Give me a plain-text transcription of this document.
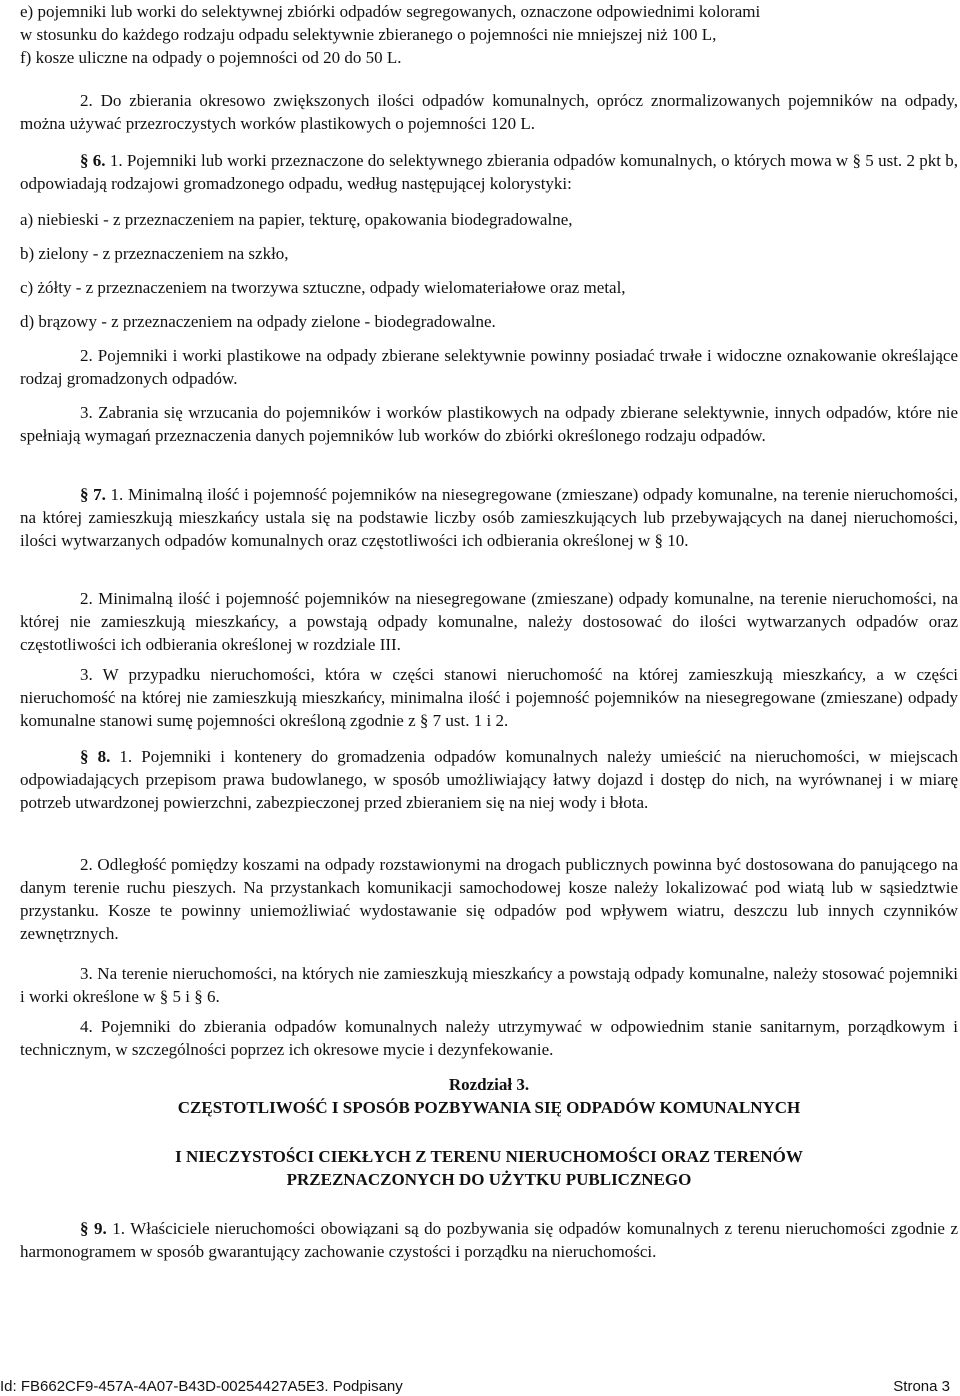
e) pojemniki lub worki do selektywnej zbiórki odpadów segregowanych, oznaczone odpowiednimi kolorami

w stosunku do każdego rodzaju odpadu selektywnie zbieranego o pojemności nie mniejszej niż 100 L,

f) kosze uliczne na odpady o pojemności od 20 do 50 L.

2. Do zbierania okresowo zwiększonych ilości odpadów komunalnych, oprócz znormalizowanych pojemników na odpady, można używać przezroczystych worków plastikowych o pojemności 120 L.

§ 6. 1. Pojemniki lub worki przeznaczone do selektywnego zbierania odpadów komunalnych, o których mowa w § 5 ust. 2 pkt b, odpowiadają rodzajowi gromadzonego odpadu, według następującej kolorystyki:

a) niebieski - z przeznaczeniem na papier, tekturę, opakowania biodegradowalne,

b) zielony - z przeznaczeniem na szkło,

c) żółty - z przeznaczeniem na tworzywa sztuczne, odpady wielomateriałowe oraz metal,

d) brązowy - z przeznaczeniem na odpady zielone - biodegradowalne.

2. Pojemniki i worki plastikowe na odpady zbierane selektywnie powinny posiadać trwałe i widoczne oznakowanie określające rodzaj gromadzonych odpadów.

3. Zabrania się wrzucania do pojemników i worków plastikowych na odpady zbierane selektywnie, innych odpadów, które nie spełniają wymagań przeznaczenia danych pojemników lub worków do zbiórki określonego rodzaju odpadów.

§ 7. 1. Minimalną ilość i pojemność pojemników na niesegregowane (zmieszane) odpady komunalne, na terenie nieruchomości, na której zamieszkują mieszkańcy ustala się na podstawie liczby osób zamieszkujących lub przebywających na danej nieruchomości, ilości wytwarzanych odpadów komunalnych oraz częstotliwości ich odbierania określonej w § 10.

2. Minimalną ilość i pojemność pojemników na niesegregowane (zmieszane) odpady komunalne, na terenie nieruchomości, na której nie zamieszkują mieszkańcy, a powstają odpady komunalne, należy dostosować do ilości wytwarzanych odpadów oraz częstotliwości ich odbierania określonej w rozdziale III.

3. W przypadku nieruchomości, która w części stanowi nieruchomość na której zamieszkują mieszkańcy, a w części nieruchomość na której nie zamieszkują mieszkańcy, minimalna ilość i pojemność pojemników na niesegregowane (zmieszane) odpady komunalne stanowi sumę pojemności określoną zgodnie z § 7 ust. 1 i 2.

§ 8. 1. Pojemniki i kontenery do gromadzenia odpadów komunalnych należy umieścić na nieruchomości, w miejscach odpowiadających przepisom prawa budowlanego, w sposób umożliwiający łatwy dojazd i dostęp do nich, na wyrównanej i w miarę potrzeb utwardzonej powierzchni, zabezpieczonej przed zbieraniem się na niej wody i błota.

2. Odległość pomiędzy koszami na odpady rozstawionymi na drogach publicznych powinna być dostosowana do panującego na danym terenie ruchu pieszych. Na przystankach komunikacji samochodowej kosze należy lokalizować pod wiatą lub w sąsiedztwie przystanku. Kosze te powinny uniemożliwiać wydostawanie się odpadów pod wpływem wiatru, deszczu lub innych czynników zewnętrznych.

3. Na terenie nieruchomości, na których nie zamieszkują mieszkańcy a powstają odpady komunalne, należy stosować pojemniki i worki określone w § 5 i § 6.

4. Pojemniki do zbierania odpadów komunalnych należy utrzymywać w odpowiednim stanie sanitarnym, porządkowym i technicznym, w szczególności poprzez ich okresowe mycie i dezynfekowanie.

Rozdział 3.
CZĘSTOTLIWOŚĆ I SPOSÓB POZBYWANIA SIĘ ODPADÓW KOMUNALNYCH
I NIECZYSTOŚCI CIEKŁYCH Z TERENU NIERUCHOMOŚCI ORAZ TERENÓW PRZEZNACZONYCH DO UŻYTKU PUBLICZNEGO

§ 9. 1. Właściciele nieruchomości obowiązani są do pozbywania się odpadów komunalnych z terenu nieruchomości zgodnie z harmonogramem w sposób gwarantujący zachowanie czystości i porządku na nieruchomości.

Id: FB662CF9-457A-4A07-B43D-00254427A5E3. Podpisany	Strona 3
